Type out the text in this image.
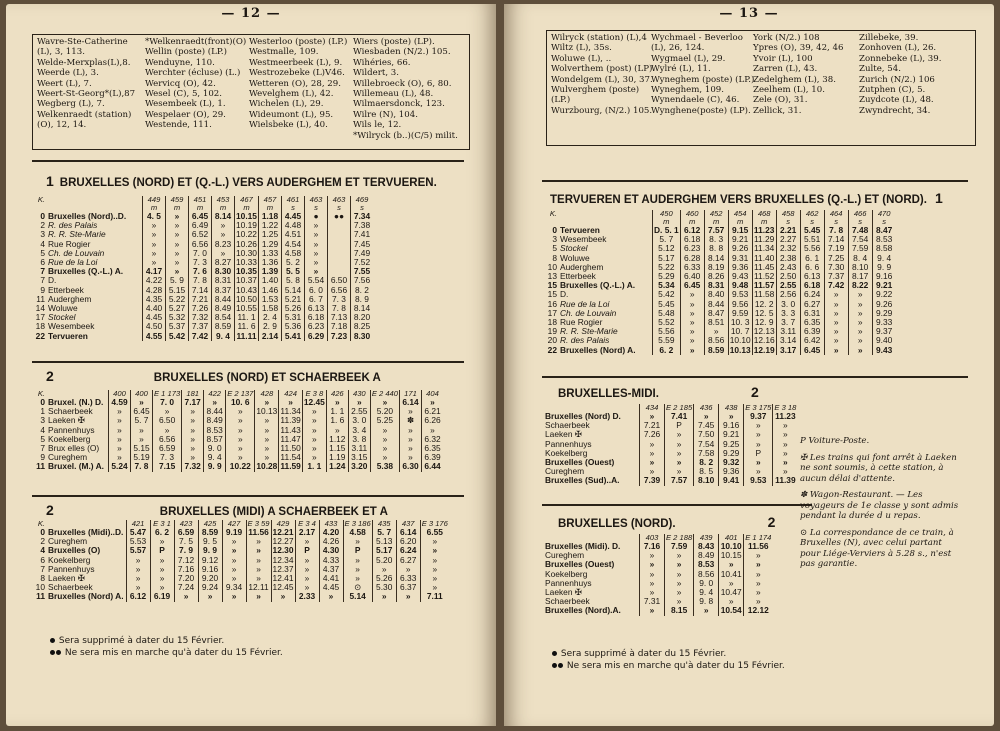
— 12 —
Wavre-Ste-Catherine
(L), 3, 113.
Welde-Merxplas(L),8.
Weerde (L), 3.
Weert (L), 7.
Weert-St-Georg*(L),87
Wegberg (L), 7.
Welkenraedt (station)
(O), 12, 14.
*Welkenraedt(front)(O)
Wellin (poste) (LP.)
Wenduyne, 110.
Werchter (écluse) (L.)
Wervicq (O), 42.
Wesel (C), 5, 102.
Wesembeek (L), 1.
Wespelaer (O), 29.
Westende, 111.
Westerloo (poste) (LP.)
Westmalle, 109.
Westmeerbeek (L), 9.
Westrozebeke (L)V46.
Wetteren (O), 28, 29.
Wevelghem (L), 42.
Wichelen (L), 29.
Wideumont (L), 95.
Wielsbeke (L), 40.
Wiers (poste) (LP).
Wiesbaden (N/2.) 105.
Wihéries, 66.
Wildert, 3.
Willebroeck (O), 6, 80.
Willemeau (L), 48.
Wilmaersdonck, 123.
Wilre (N), 104.
Wils le, 12.
*Wilryck (b..)(C/5) milit.
1 BRUXELLES (NORD) ET (Q.-L.) VERS AUDERGHEM ET TERVUEREN.
K.		449	459	451	453	467	457	461	463	463	469
		m	m	m	m	m	m	s	s	s	s
0	Bruxelles (Nord)..D.	4. 5	»	6.45	8.14	10.15	1.18	4.45	●	●●	7.34
2	R. des Palais	»	»	6.49	»	10.19	1.22	4.48	»		7.38
3	R. R. Ste-Marie	»	»	6.52	»	10.22	1.25	4.51	»		7.41
4	Rue Rogier	»	»	6.56	8.23	10.26	1.29	4.54	»		7.45
5	Ch. de Louvain	»	»	7. 0	»	10.30	1.33	4.58	»		7.49
6	Rue de la Loi	»	»	7. 3	8.27	10.33	1.36	5. 2	»		7.52
7	Bruxelles (Q.-L.) A.	4.17	»	7. 6	8.30	10.35	1.39	5. 5	»		7.55
7	D.	4.22	5. 9	7. 8	8.31	10.37	1.40	5. 8	5.54	6.50	7.56
9	Etterbeek	4.28	5.15	7.14	8.37	10.43	1.46	5.14	6. 0	6.56	8. 2
11	Auderghem	4.35	5.22	7.21	8.44	10.50	1.53	5.21	6. 7	7. 3	8. 9
14	Woluwe	4.40	5.27	7.26	8.49	10.55	1.58	5.26	6.13	7. 8	8.14
17	Stockel	4.45	5.32	7.32	8.54	11. 1	2. 4	5.31	6.18	7.13	8.20
18	Wesembeek	4.50	5.37	7.37	8.59	11. 6	2. 9	5.36	6.23	7.18	8.25
22	Tervueren	4.55	5.42	7.42	9. 4	11.11	2.14	5.41	6.29	7.23	8.30
2	BRUXELLES (NORD) ET SCHAERBEEK A
K.		400	400	E 1 173	181	422	E 2 137	428	424	E 3 8	426	430	E 2 440	171	404
0	Bruxel. (N.) D.	4.59	»	7. 0	7.17	»	10. 6	»	»	12.45	»	»	»	6.14	»
1	Schaerbeek	»	6.45	»	»	8.44	»	10.13	11.34	»	1. 1	2.55	5.20	»	6.21
3	Laeken ✠	»	5. 7	6.50	»	8.49	»	»	11.39	»	1. 6	3. 0	5.25	✽	6.26
4	Pannenhuys	»	»	»	»	8.53	»	»	11.43	»	»	3. 4	»	»	»
5	Koekelberg	»	»	6.56	»	8.57	»	»	11.47	»	1.12	3. 8	»	»	6.32
7	Brux elles (O)	»	5.15	6.59	»	9. 0	»	»	11.50	»	1.15	3.11	»	»	6.35
9	Cureghem	»	5.19	7. 3	»	9. 4	»	»	11.54	»	1.19	3.15	»	»	6.39
11	Bruxel. (M.) A.	5.24	7. 8	7.15	7.32	9. 9	10.22	10.28	11.59	1. 1	1.24	3.20	5.38	6.30	6.44
2	BRUXELLES (MIDI) A SCHAERBEEK ET A
K.		421	E 3 1	423	425	427	E 3 59	429	E 3 4	433	E 3 186	435	437	E 3 176
0	Bruxelles (Midi)..D.	5.47	6. 2	6.59	8.59	9.19	11.56	12.21	2.17	4.20	4.58	5. 7	6.14	6.55
2	Cureghem	5.53	»	7. 5	9. 5	»	»	12.27	»	4.26	»	5.13	6.20	»
4	Bruxelles (O)	5.57	P	7. 9	9. 9	»	»	12.30	P	4.30	P	5.17	6.24	»
6	Koekelberg	»	»	7.12	9.12	»	»	12.34	»	4.33	»	5.20	6.27	»
7	Pannenhuys	»	»	7.16	9.16	»	»	12.37	»	4.37	»	»	»	»
8	Laeken ✠	»	»	7.20	9.20	»	»	12.41	»	4.41	»	5.26	6.33	»
10	Schaerbeek	»	»	7.24	9.24	9.34	12.11	12.45	»	4.45	⊙	5.30	6.37	»
11	Bruxelles (Nord) A.	6.12	6.19	»	»	»	»	»	2.33	»	5.14	»	»	7.11
Sera supprimé à dater du 15 Février.
Ne sera mis en marche qu'à dater du 15 Février.
— 13 —
Wilryck (station) (L),4
Wiltz (L), 35s.
Woluwe (L), ..
Wolverthem (post) (LP).
Wondelgem (L), 30, 37.
Wulverghem (poste)
(LP.)
Wurzbourg, (N/2.) 105.
Wychmael - Beverloo
(L), 26, 124.
Wygmael (L), 29.
Wylré (L), 11.
Wyneghem (poste) (LP.)
Wyneghem, 109.
Wynendaele (C), 46.
Wynghene(poste) (LP).
York (N/2.) 108
Ypres (O), 39, 42, 46
Yvoir (L), 100
Zarren (L), 43.
Zedelghem (L), 38.
Zeelhem (L), 10.
Zele (O), 31.
Zellick, 31.
Zillebeke, 39.
Zonhoven (L), 26.
Zonnebeke (L), 39.
Zulte, 54.
Zurich (N/2.) 106
Zutphen (C), 5.
Zuydcote (L), 48.
Zwyndrecht, 34.
TERVUEREN ET AUDERGHEM VERS BRUXELLES (Q.-L.) ET (NORD). 1
K.		450	460	452	454	468	458	462	464	466	470
		m	m	m	m	m	s	s	s	s	s
0	Tervueren	D. 5. 1	6.12	7.57	9.15	11.23	2.21	5.45	7. 8	7.48	8.47
3	Wesembeek	5. 7	6.18	8. 3	9.21	11.29	2.27	5.51	7.14	7.54	8.53
5	Stockel	5.12	6.23	8. 8	9.26	11.34	2.32	5.56	7.19	7.59	8.58
8	Woluwe	5.17	6.28	8.14	9.31	11.40	2.38	6. 1	7.25	8. 4	9. 4
10	Auderghem	5.22	6.33	8.19	9.36	11.45	2.43	6. 6	7.30	8.10	9. 9
13	Etterbeek	5.29	6.40	8.26	9.43	11.52	2.50	6.13	7.37	8.17	9.16
15	Bruxelles (Q.-L.) A.	5.34	6.45	8.31	9.48	11.57	2.55	6.18	7.42	8.22	9.21
15	D.	5.42	»	8.40	9.53	11.58	2.56	6.24	»	»	9.22
16	Rue de la Loi	5.45	»	8.44	9.56	12. 2	3. 0	6.27	»	»	9.26
17	Ch. de Louvain	5.48	»	8.47	9.59	12. 5	3. 3	6.31	»	»	9.29
18	Rue Rogier	5.52	»	8.51	10. 3	12. 9	3. 7	6.35	»	»	9.33
19	R. R. Ste-Marie	5.56	»	»	10. 7	12.13	3.11	6.39	»	»	9.37
20	R. des Palais	5.59	»	8.56	10.10	12.16	3.14	6.42	»	»	9.40
22	Bruxelles (Nord) A.	6. 2	»	8.59	10.13	12.19	3.17	6.45	»	»	9.43
BRUXELLES-MIDI.	2
	434	E 2 185	436	438	E 3 175	E 3 18
Bruxelles (Nord) D.	»	7.41	»	»	9.37	11.23
Schaerbeek	7.21	P	7.45	9.16	»	»
Laeken ✠	7.26	»	7.50	9.21	»	»
Pannenhuys	»	»	7.54	9.25	»	»
Koekelberg	»	»	7.58	9.29	P	»
Bruxelles (Ouest)	»	»	8. 2	9.32	»	»
Cureghem	»	»	8. 5	9.36	»	»
Bruxelles (Sud)..A.	7.39	7.57	8.10	9.41	9.53	11.39
BRUXELLES (NORD).	2
	403	E 2 188	439	401	E 1 174
Bruxelles (Midi). D.	7.16	7.59	8.43	10.10	11.56
Cureghem	»	»	8.49	10.15	»
Bruxelles (Ouest)	»	»	8.53	»	»
Koekelberg	»	»	8.56	10.41	»
Pannenhuys	»	»	9. 0	»	»
Laeken ✠	»	»	9. 4	10.47	»
Schaerbeek	7.31	»	9. 8	»	»
Bruxelles (Nord).A.	»	8.15	»	10.54	12.12
P Voiture-Poste.
✠ Les trains qui font arrêt à Laeken ne sont soumis, à cette station, à aucun délai d'attente.
✽ Wagon-Restaurant. — Les voyageurs de 1e classe y sont admis pendant la durée d u repas.
⊙ La correspondance de ce train, à Bruxelles (N), avec celui partant pour Liége-Verviers à 5.28 s., n'est pas garantie.
Sera supprimé à dater du 15 Février.
Ne sera mis en marche qu'à dater du 15 Février.
